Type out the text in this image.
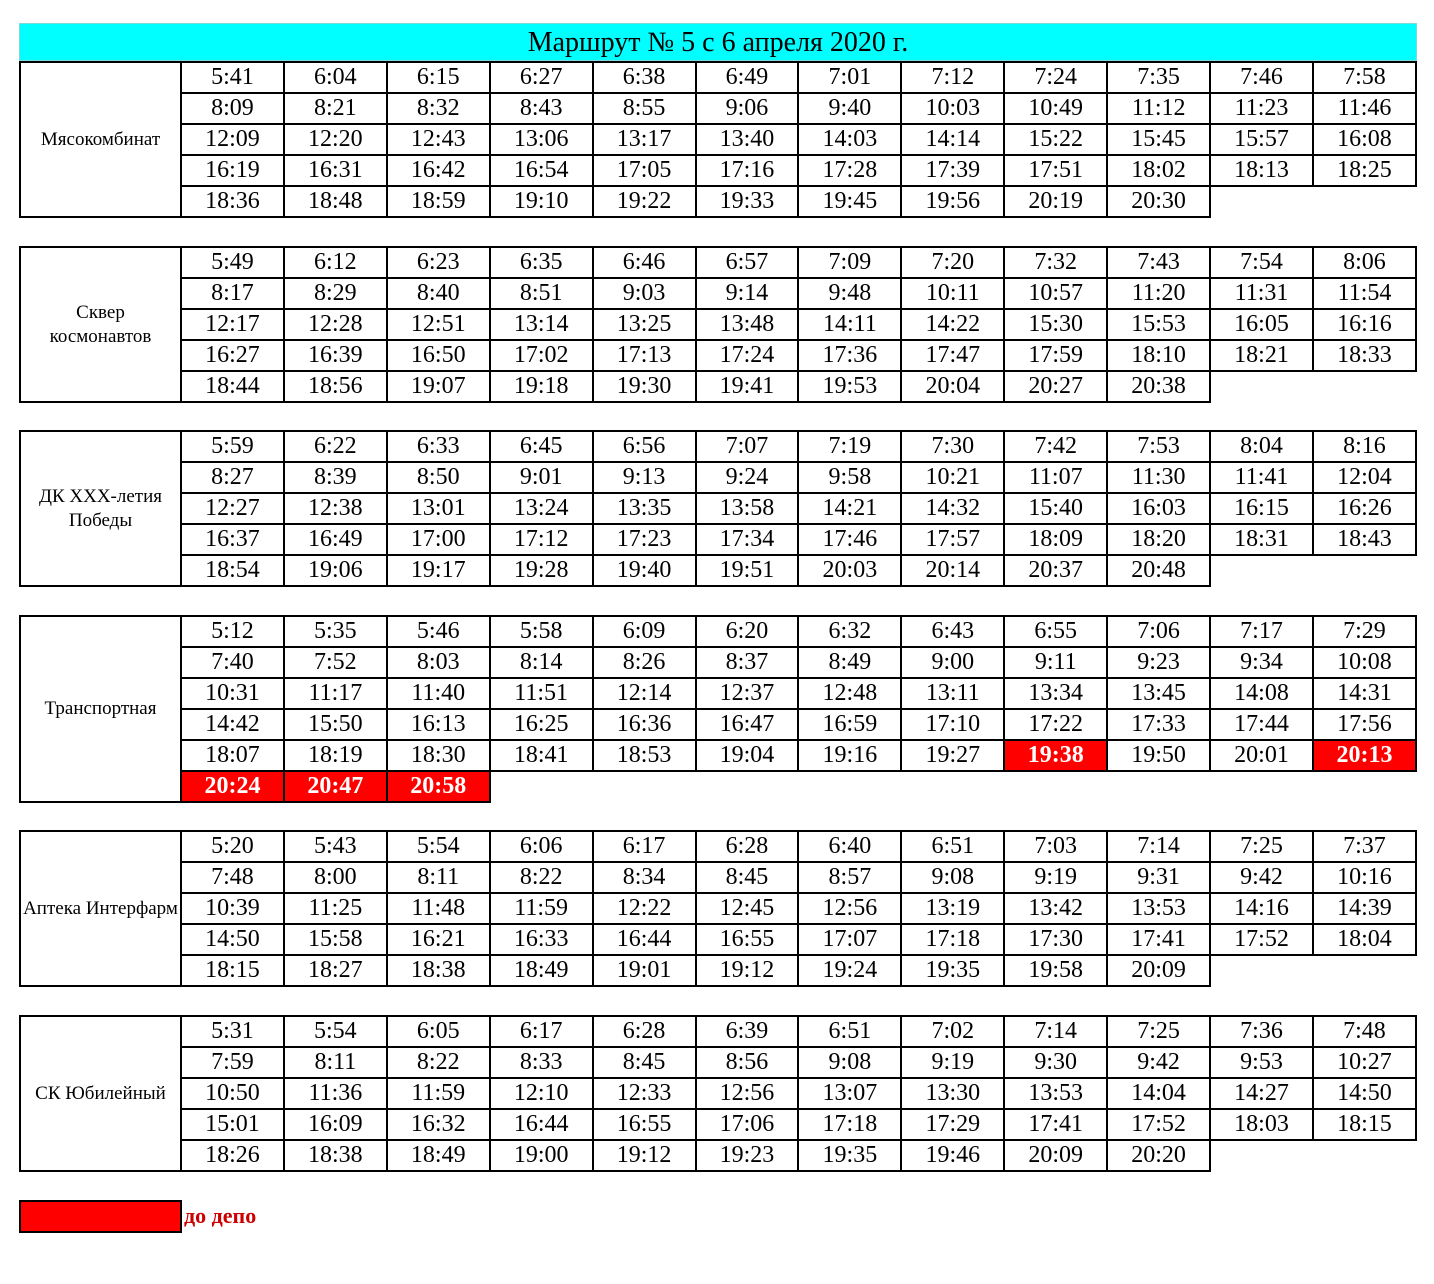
Маршрут № 5 с 6 апреля 2020 г.
Мясокомбинат
5:41	6:04	6:15	6:27	6:38	6:49	7:01	7:12	7:24	7:35	7:46	7:58
8:09	8:21	8:32	8:43	8:55	9:06	9:40	10:03	10:49	11:12	11:23	11:46
12:09	12:20	12:43	13:06	13:17	13:40	14:03	14:14	15:22	15:45	15:57	16:08
16:19	16:31	16:42	16:54	17:05	17:16	17:28	17:39	17:51	18:02	18:13	18:25
18:36	18:48	18:59	19:10	19:22	19:33	19:45	19:56	20:19	20:30		
Сквер космонавтов
5:49	6:12	6:23	6:35	6:46	6:57	7:09	7:20	7:32	7:43	7:54	8:06
8:17	8:29	8:40	8:51	9:03	9:14	9:48	10:11	10:57	11:20	11:31	11:54
12:17	12:28	12:51	13:14	13:25	13:48	14:11	14:22	15:30	15:53	16:05	16:16
16:27	16:39	16:50	17:02	17:13	17:24	17:36	17:47	17:59	18:10	18:21	18:33
18:44	18:56	19:07	19:18	19:30	19:41	19:53	20:04	20:27	20:38		
ДК XXX-летия Победы
5:59	6:22	6:33	6:45	6:56	7:07	7:19	7:30	7:42	7:53	8:04	8:16
8:27	8:39	8:50	9:01	9:13	9:24	9:58	10:21	11:07	11:30	11:41	12:04
12:27	12:38	13:01	13:24	13:35	13:58	14:21	14:32	15:40	16:03	16:15	16:26
16:37	16:49	17:00	17:12	17:23	17:34	17:46	17:57	18:09	18:20	18:31	18:43
18:54	19:06	19:17	19:28	19:40	19:51	20:03	20:14	20:37	20:48		
Транспортная
5:12	5:35	5:46	5:58	6:09	6:20	6:32	6:43	6:55	7:06	7:17	7:29
7:40	7:52	8:03	8:14	8:26	8:37	8:49	9:00	9:11	9:23	9:34	10:08
10:31	11:17	11:40	11:51	12:14	12:37	12:48	13:11	13:34	13:45	14:08	14:31
14:42	15:50	16:13	16:25	16:36	16:47	16:59	17:10	17:22	17:33	17:44	17:56
18:07	18:19	18:30	18:41	18:53	19:04	19:16	19:27	19:38	19:50	20:01	20:13
20:24	20:47	20:58									
Аптека Интерфарм
5:20	5:43	5:54	6:06	6:17	6:28	6:40	6:51	7:03	7:14	7:25	7:37
7:48	8:00	8:11	8:22	8:34	8:45	8:57	9:08	9:19	9:31	9:42	10:16
10:39	11:25	11:48	11:59	12:22	12:45	12:56	13:19	13:42	13:53	14:16	14:39
14:50	15:58	16:21	16:33	16:44	16:55	17:07	17:18	17:30	17:41	17:52	18:04
18:15	18:27	18:38	18:49	19:01	19:12	19:24	19:35	19:58	20:09		
СК Юбилейный
5:31	5:54	6:05	6:17	6:28	6:39	6:51	7:02	7:14	7:25	7:36	7:48
7:59	8:11	8:22	8:33	8:45	8:56	9:08	9:19	9:30	9:42	9:53	10:27
10:50	11:36	11:59	12:10	12:33	12:56	13:07	13:30	13:53	14:04	14:27	14:50
15:01	16:09	16:32	16:44	16:55	17:06	17:18	17:29	17:41	17:52	18:03	18:15
18:26	18:38	18:49	19:00	19:12	19:23	19:35	19:46	20:09	20:20		
до депо
